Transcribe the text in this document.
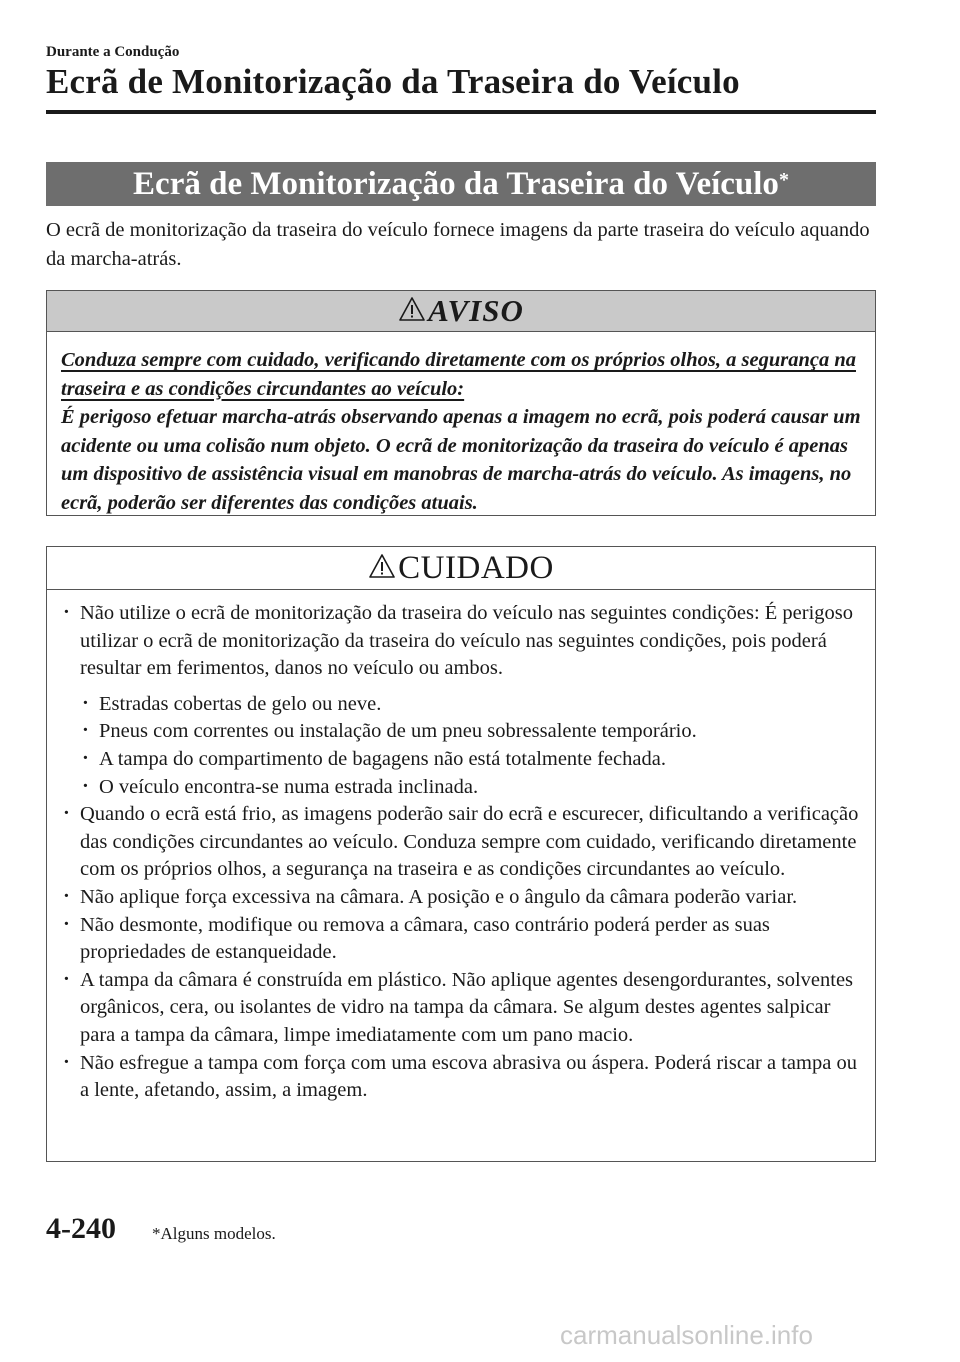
Durante a Condução
Ecrã de Monitorização da Traseira do Veículo
Ecrã de Monitorização da Traseira do Veículo*
O ecrã de monitorização da traseira do veículo fornece imagens da parte traseira do veículo aquando da marcha-atrás.
AVISO
Conduza sempre com cuidado, verificando diretamente com os próprios olhos, a segurança na traseira e as condições circundantes ao veículo:
É perigoso efetuar marcha-atrás observando apenas a imagem no ecrã, pois poderá causar um acidente ou uma colisão num objeto. O ecrã de monitorização da traseira do veículo é apenas um dispositivo de assistência visual em manobras de marcha-atrás do veículo. As imagens, no ecrã, poderão ser diferentes das condições atuais.
CUIDADO
· Não utilize o ecrã de monitorização da traseira do veículo nas seguintes condições: É perigoso utilizar o ecrã de monitorização da traseira do veículo nas seguintes condições, pois poderá resultar em ferimentos, danos no veículo ou ambos.
· Estradas cobertas de gelo ou neve.
· Pneus com correntes ou instalação de um pneu sobressalente temporário.
· A tampa do compartimento de bagagens não está totalmente fechada.
· O veículo encontra-se numa estrada inclinada.
· Quando o ecrã está frio, as imagens poderão sair do ecrã e escurecer, dificultando a verificação das condições circundantes ao veículo. Conduza sempre com cuidado, verificando diretamente com os próprios olhos, a segurança na traseira e as condições circundantes ao veículo.
· Não aplique força excessiva na câmara. A posição e o ângulo da câmara poderão variar.
· Não desmonte, modifique ou remova a câmara, caso contrário poderá perder as suas propriedades de estanqueidade.
· A tampa da câmara é construída em plástico. Não aplique agentes desengordurantes, solventes orgânicos, cera, ou isolantes de vidro na tampa da câmara. Se algum destes agentes salpicar para a tampa da câmara, limpe imediatamente com um pano macio.
· Não esfregue a tampa com força com uma escova abrasiva ou áspera. Poderá riscar a tampa ou a lente, afetando, assim, a imagem.
4-240 *Alguns modelos.
carmanualsonline.info
